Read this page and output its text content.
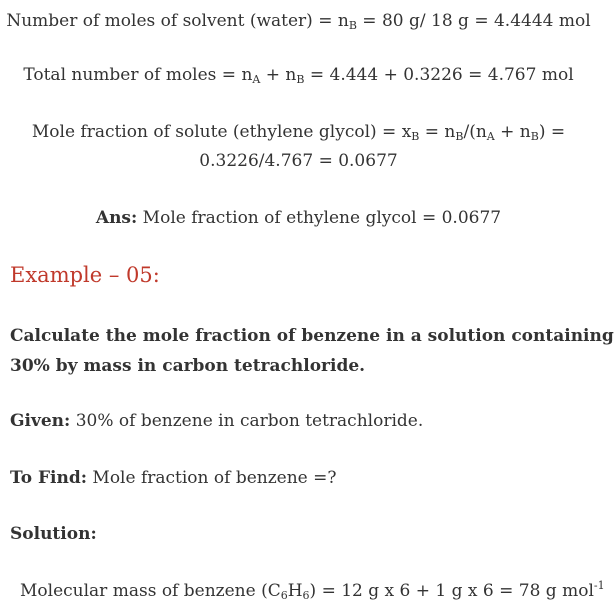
Number of moles of solvent (water) = $n_B = 80$ g/ 18 g = 4.4444 mol
Total number of moles = $n_A + n_B = 4.444 + 0.3226 = 4.767$ mol
Mole fraction of solute (ethylene glycol) = $x_B = n_B/(n_A + n_B)$ =
0.3226/4.767 = 0.0677
Ans: Mole fraction of ethylene glycol = 0.0677
Example – 05:
Calculate the mole fraction of benzene in a solution containing
30% by mass in carbon tetrachloride.
Given: 30% of benzene in carbon tetrachloride.
To Find: Mole fraction of benzene =?
Solution:
Molecular mass of benzene $(C_6H_6) = 12$ g x 6 + 1 g x 6 = 78 g mol$^{-1}$
